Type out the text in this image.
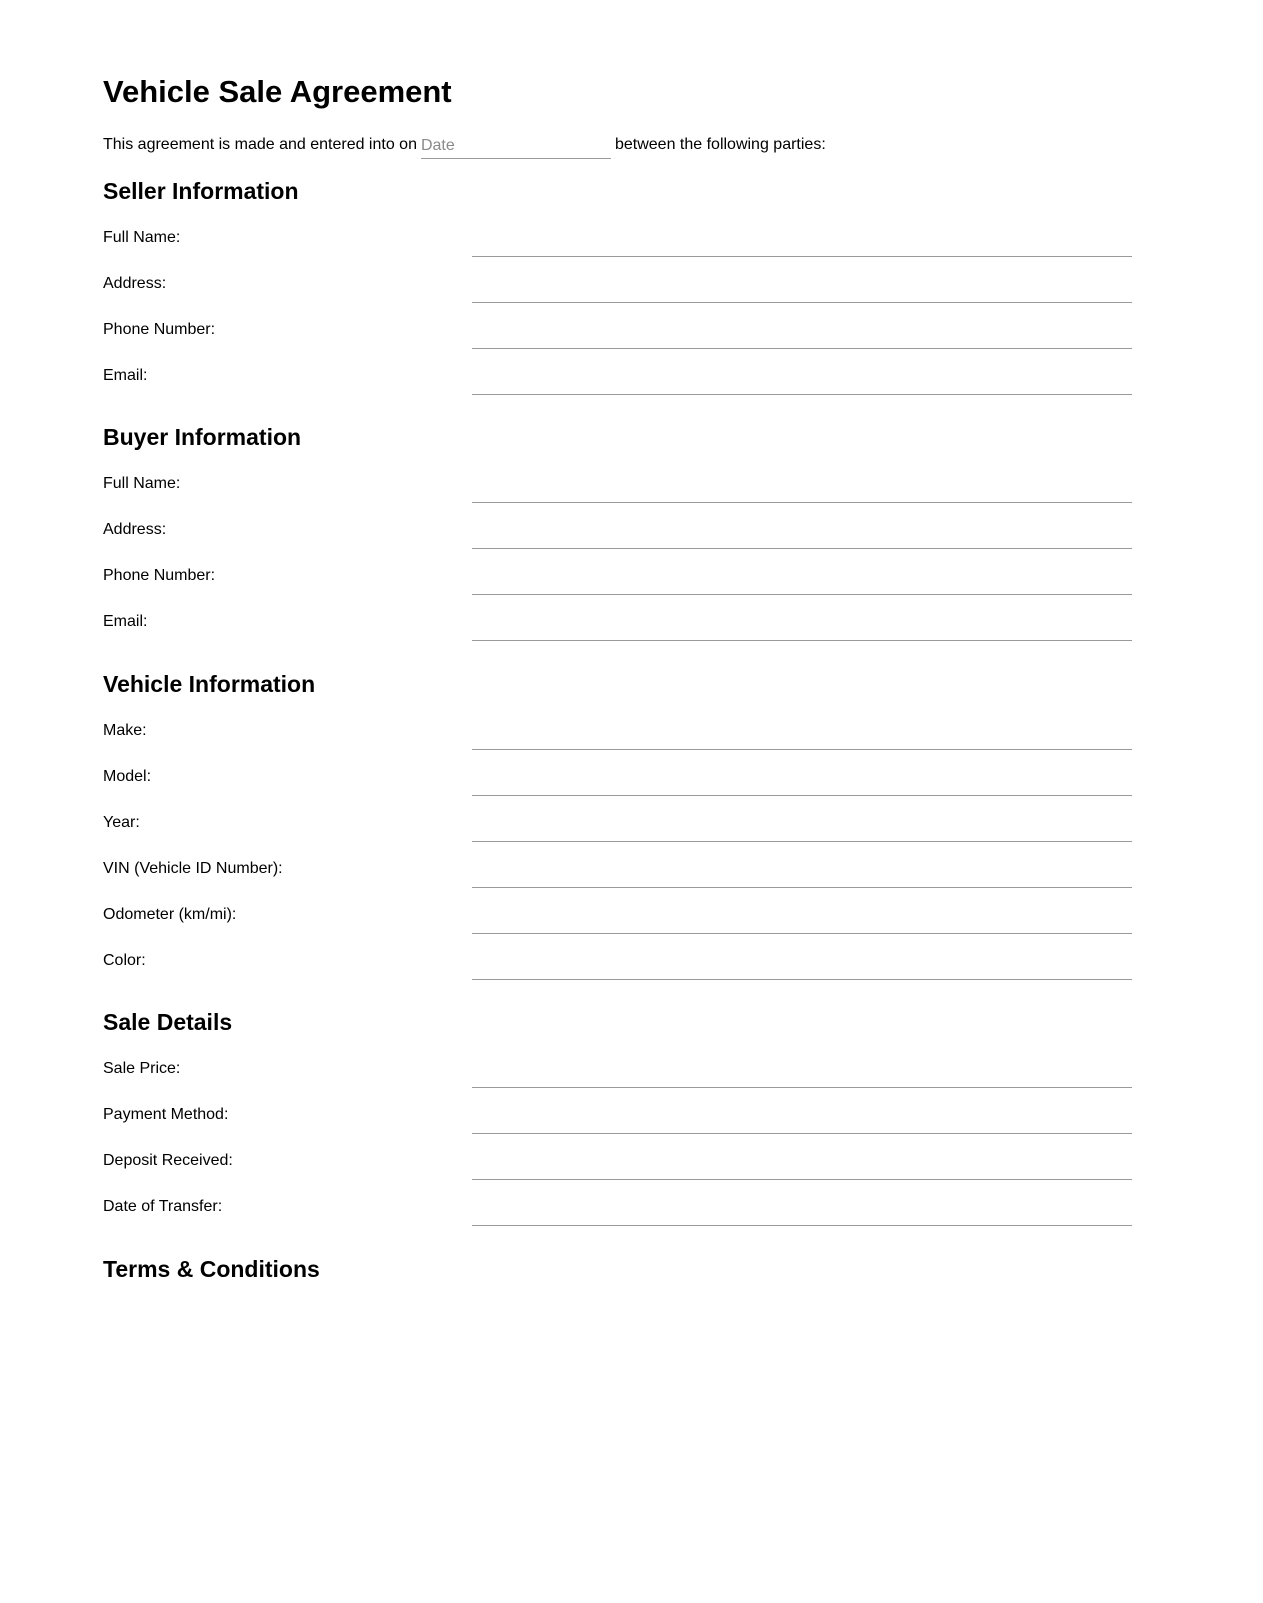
Vehicle Sale Agreement
This agreement is made and entered into on
Date	between the following parties:
Seller Information
Full Name:
Address:
Phone Number:
Email:
Buyer Information
Full Name:
Address:
Phone Number:
Email:
Vehicle Information
Make:
Model:
Year:
VIN (Vehicle ID Number):
Odometer (km/mi):
Color:
Sale Details
Sale Price:
Payment Method:
Deposit Received:
Date of Transfer:
Terms & Conditions
